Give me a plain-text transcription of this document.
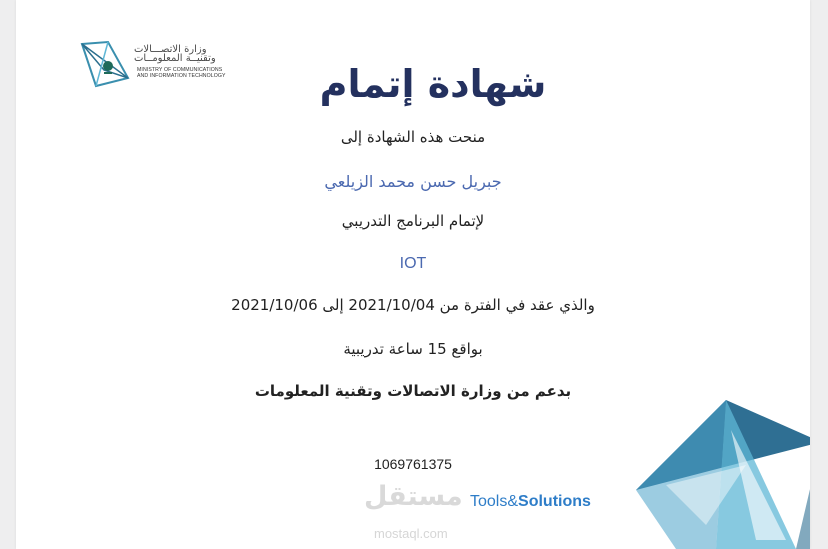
وزارة الاتصـــالات
وتقنيــة المعلومــات
MINISTRY OF COMMUNICATIONS
AND INFORMATION TECHNOLOGY	شهادة إتمام
منحت هذه الشهادة إلى
جبريل حسن محمد الزيلعي
لإتمام البرنامج التدريبي
IOT
والذي عقد في الفترة من 2021/10/04 إلى 2021/10/06
بواقع 15 ساعة تدريبية
بدعم من وزارة الاتصالات وتقنية المعلومات
1069761375
مستقل
mostaql.com
Tools&Solutions
